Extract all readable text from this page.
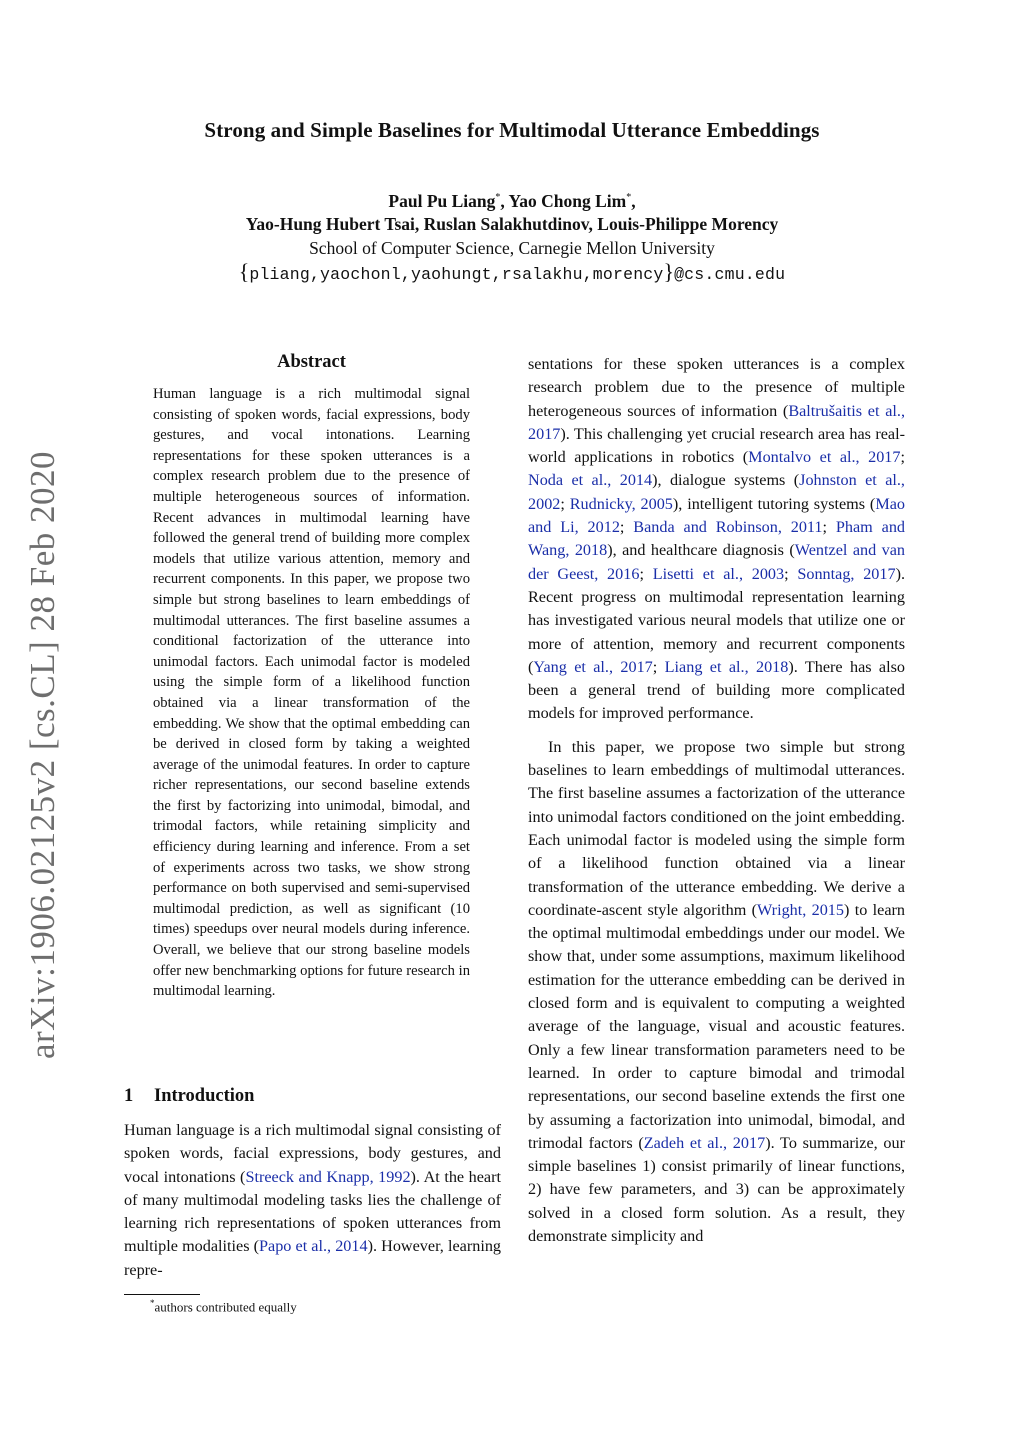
Strong and Simple Baselines for Multimodal Utterance Embeddings
Paul Pu Liang*, Yao Chong Lim*,
Yao-Hung Hubert Tsai, Ruslan Salakhutdinov, Louis-Philippe Morency
School of Computer Science, Carnegie Mellon University
{pliang,yaochonl,yaohungt,rsalakhu,morency}@cs.cmu.edu
arXiv:1906.02125v2 [cs.CL] 28 Feb 2020
Abstract

Human language is a rich multimodal signal consisting of spoken words, facial expressions, body gestures, and vocal intonations. Learning representations for these spoken utterances is a complex research problem due to the presence of multiple heterogeneous sources of information. Recent advances in multimodal learning have followed the general trend of building more complex models that utilize various attention, memory and recurrent components. In this paper, we propose two simple but strong baselines to learn embeddings of multimodal utterances. The first baseline assumes a conditional factorization of the utterance into unimodal factors. Each unimodal factor is modeled using the simple form of a likelihood function obtained via a linear transformation of the embedding. We show that the optimal embedding can be derived in closed form by taking a weighted average of the unimodal features. In order to capture richer representations, our second baseline extends the first by factorizing into unimodal, bimodal, and trimodal factors, while retaining simplicity and efficiency during learning and inference. From a set of experiments across two tasks, we show strong performance on both supervised and semi-supervised multimodal prediction, as well as significant (10 times) speedups over neural models during inference. Overall, we believe that our strong baseline models offer new benchmarking options for future research in multimodal learning.

1 Introduction

Human language is a rich multimodal signal consisting of spoken words, facial expressions, body gestures, and vocal intonations (Streeck and Knapp, 1992). At the heart of many multimodal modeling tasks lies the challenge of learning rich representations of spoken utterances from multiple modalities (Papo et al., 2014). However, learning repre-

*authors contributed equally

sentations for these spoken utterances is a complex research problem due to the presence of multiple heterogeneous sources of information (Baltrušaitis et al., 2017). This challenging yet crucial research area has real-world applications in robotics (Montalvo et al., 2017; Noda et al., 2014), dialogue systems (Johnston et al., 2002; Rudnicky, 2005), intelligent tutoring systems (Mao and Li, 2012; Banda and Robinson, 2011; Pham and Wang, 2018), and healthcare diagnosis (Wentzel and van der Geest, 2016; Lisetti et al., 2003; Sonntag, 2017). Recent progress on multimodal representation learning has investigated various neural models that utilize one or more of attention, memory and recurrent components (Yang et al., 2017; Liang et al., 2018). There has also been a general trend of building more complicated models for improved performance.

In this paper, we propose two simple but strong baselines to learn embeddings of multimodal utterances. The first baseline assumes a factorization of the utterance into unimodal factors conditioned on the joint embedding. Each unimodal factor is modeled using the simple form of a likelihood function obtained via a linear transformation of the utterance embedding. We derive a coordinate-ascent style algorithm (Wright, 2015) to learn the optimal multimodal embeddings under our model. We show that, under some assumptions, maximum likelihood estimation for the utterance embedding can be derived in closed form and is equivalent to computing a weighted average of the language, visual and acoustic features. Only a few linear transformation parameters need to be learned. In order to capture bimodal and trimodal representations, our second baseline extends the first one by assuming a factorization into unimodal, bimodal, and trimodal factors (Zadeh et al., 2017). To summarize, our simple baselines 1) consist primarily of linear functions, 2) have few parameters, and 3) can be approximately solved in a closed form solution. As a result, they demonstrate simplicity and
